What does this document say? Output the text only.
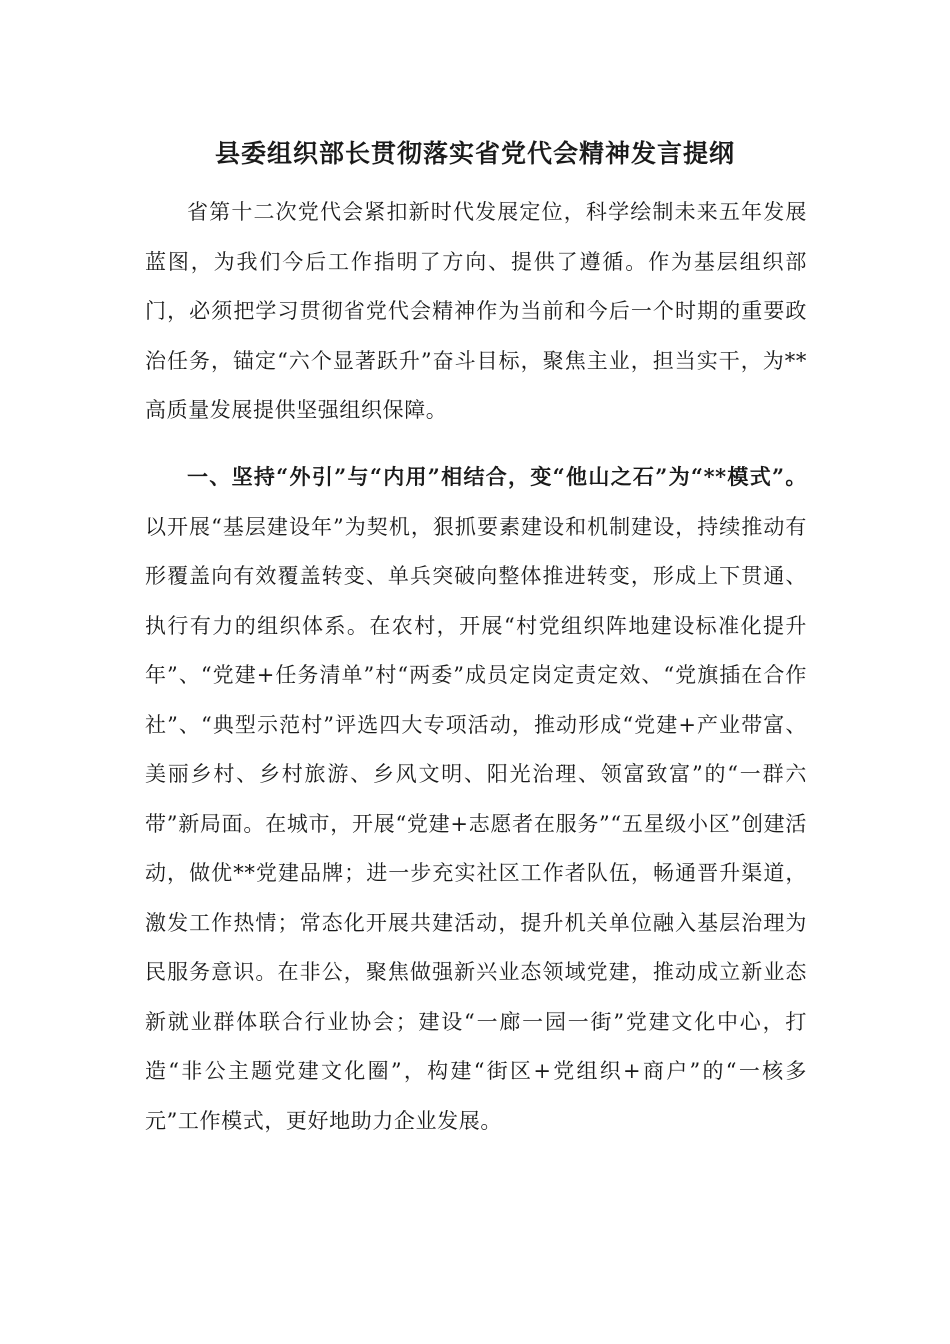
县委组织部长贯彻落实省党代会精神发言提纲

省第十二次党代会紧扣新时代发展定位，科学绘制未来五年发展蓝图，为我们今后工作指明了方向、提供了遵循。作为基层组织部门，必须把学习贯彻省党代会精神作为当前和今后一个时期的重要政治任务，锚定“六个显著跃升”奋斗目标，聚焦主业，担当实干，为**高质量发展提供坚强组织保障。

一、坚持“外引”与“内用”相结合，变“他山之石”为“**模式”。以开展“基层建设年”为契机，狠抓要素建设和机制建设，持续推动有形覆盖向有效覆盖转变、单兵突破向整体推进转变，形成上下贯通、执行有力的组织体系。在农村，开展“村党组织阵地建设标准化提升年”、“党建+任务清单”村“两委”成员定岗定责定效、“党旗插在合作社”、“典型示范村”评选四大专项活动，推动形成“党建+产业带富、美丽乡村、乡村旅游、乡风文明、阳光治理、领富致富”的“一群六带”新局面。在城市，开展“党建+志愿者在服务”“五星级小区”创建活动，做优**党建品牌；进一步充实社区工作者队伍，畅通晋升渠道，激发工作热情；常态化开展共建活动，提升机关单位融入基层治理为民服务意识。在非公，聚焦做强新兴业态领域党建，推动成立新业态新就业群体联合行业协会；建设“一廊一园一街”党建文化中心，打造“非公主题党建文化圈”，构建“街区+党组织+商户”的“一核多元”工作模式，更好地助力企业发展。
